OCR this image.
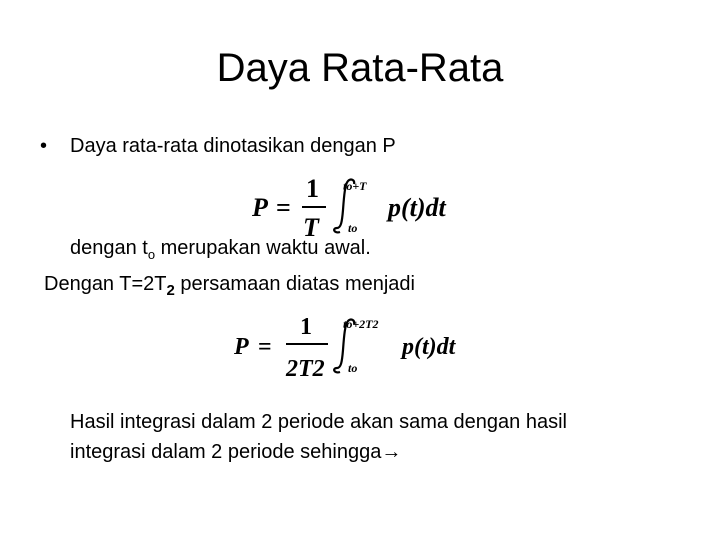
Daya Rata-Rata
• Daya rata-rata dinotasikan dengan P
P =
1
T
to+T
to
p(t)dt
dengan $t_o$ merupakan waktu awal.
Dengan $T=2T_2$ persamaan diatas menjadi
P =
1
2T2
to+2T2
to
p(t)dt
Hasil integrasi dalam 2 periode akan sama dengan hasil
integrasi dalam 2 periode sehingga→
